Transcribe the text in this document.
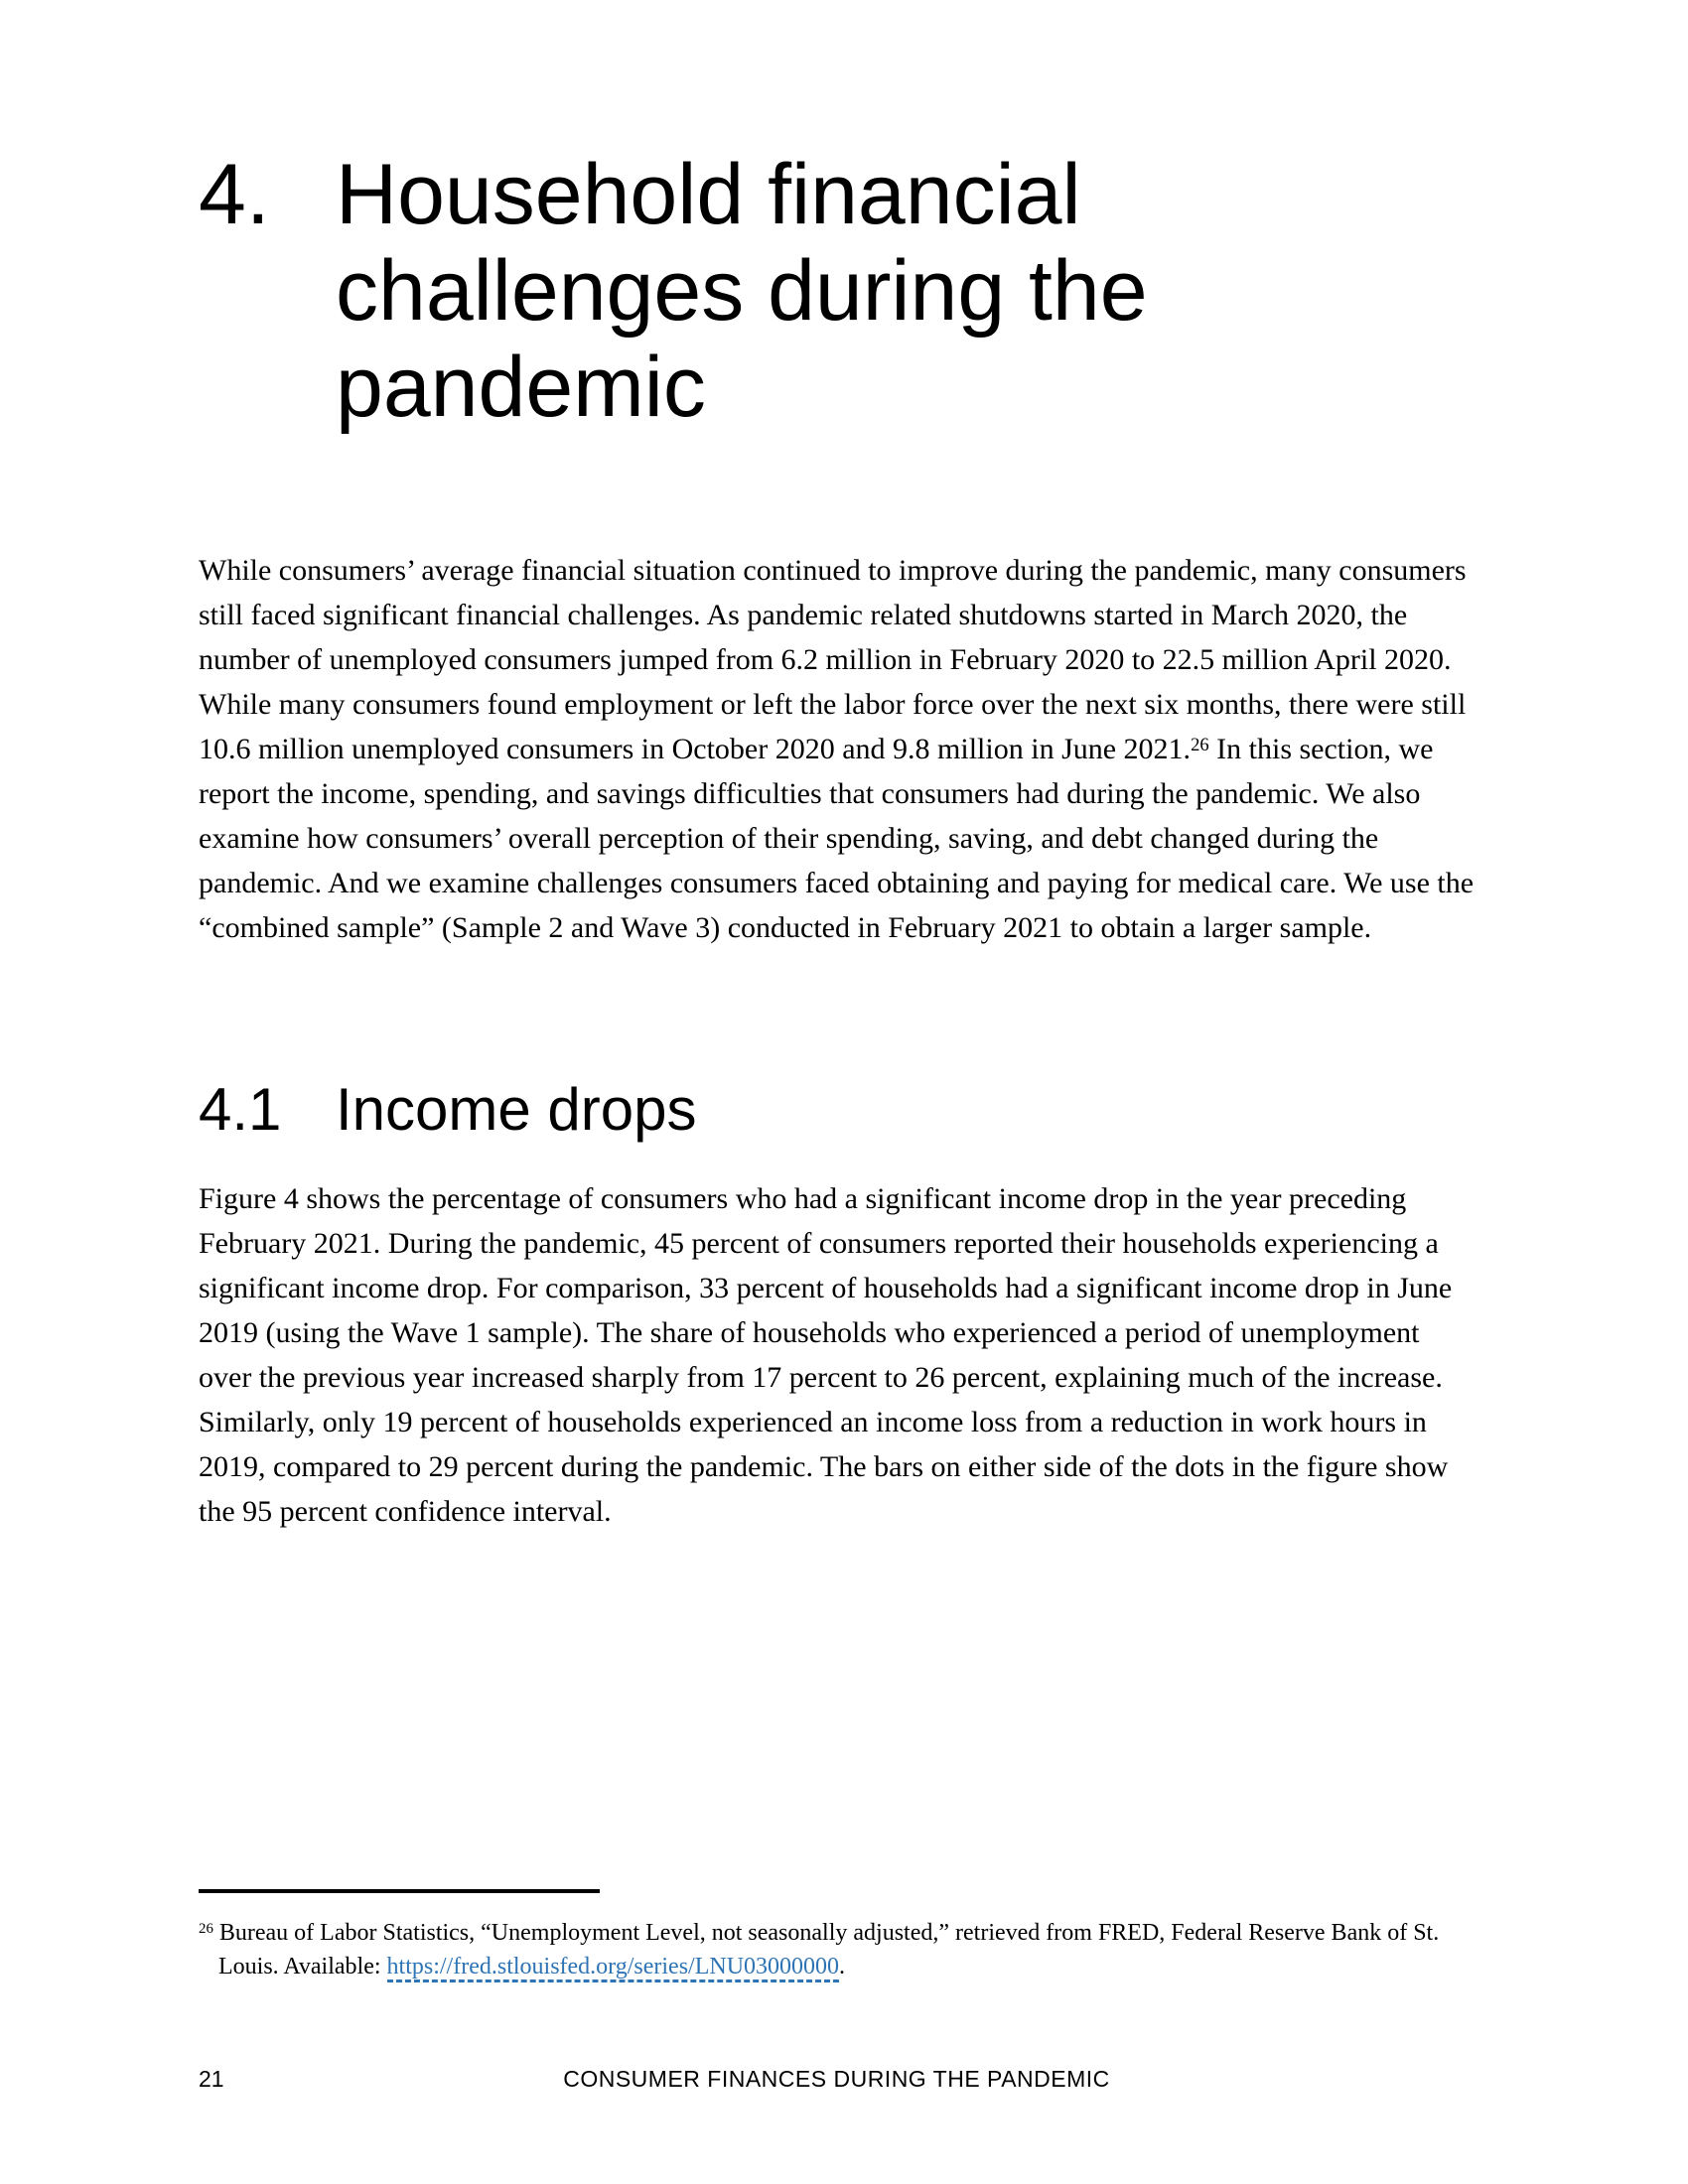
4. Household financial challenges during the pandemic

While consumers’ average financial situation continued to improve during the pandemic, many consumers still faced significant financial challenges. As pandemic related shutdowns started in March 2020, the number of unemployed consumers jumped from 6.2 million in February 2020 to 22.5 million April 2020. While many consumers found employment or left the labor force over the next six months, there were still 10.6 million unemployed consumers in October 2020 and 9.8 million in June 2021.26 In this section, we report the income, spending, and savings difficulties that consumers had during the pandemic. We also examine how consumers’ overall perception of their spending, saving, and debt changed during the pandemic. And we examine challenges consumers faced obtaining and paying for medical care. We use the “combined sample” (Sample 2 and Wave 3) conducted in February 2021 to obtain a larger sample.

4.1 Income drops

Figure 4 shows the percentage of consumers who had a significant income drop in the year preceding February 2021. During the pandemic, 45 percent of consumers reported their households experiencing a significant income drop. For comparison, 33 percent of households had a significant income drop in June 2019 (using the Wave 1 sample). The share of households who experienced a period of unemployment over the previous year increased sharply from 17 percent to 26 percent, explaining much of the increase. Similarly, only 19 percent of households experienced an income loss from a reduction in work hours in 2019, compared to 29 percent during the pandemic. The bars on either side of the dots in the figure show the 95 percent confidence interval.

$^{26}$ Bureau of Labor Statistics, “Unemployment Level, not seasonally adjusted,” retrieved from FRED, Federal Reserve Bank of St. Louis. Available: https://fred.stlouisfed.org/series/LNU03000000.

21	CONSUMER FINANCES DURING THE PANDEMIC
